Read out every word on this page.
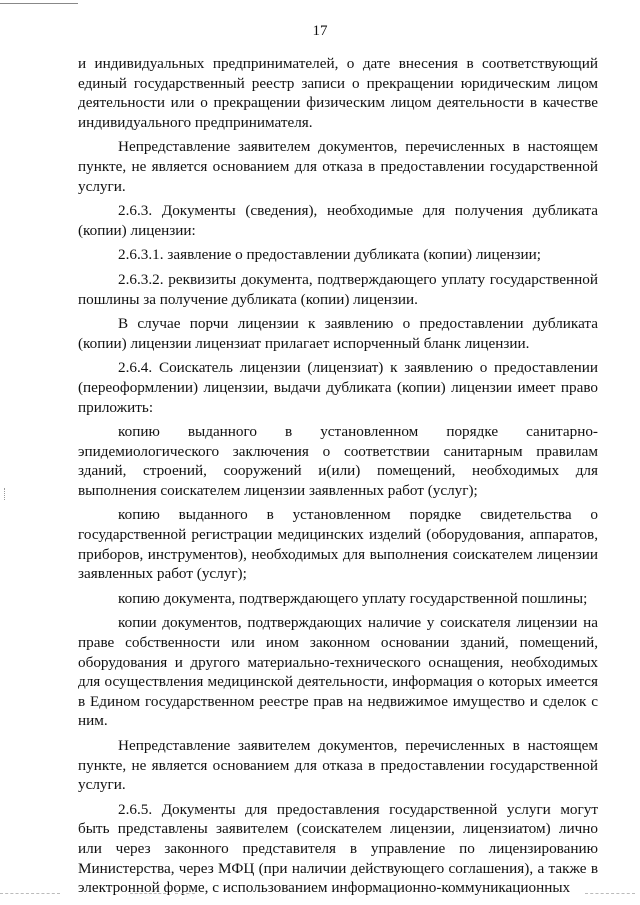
17

и индивидуальных предпринимателей, о дате внесения в соответствующий единый государственный реестр записи о прекращении юридическим лицом деятельности или о прекращении физическим лицом деятельности в качестве индивидуального предпринимателя.

Непредставление заявителем документов, перечисленных в настоящем пункте, не является основанием для отказа в предоставлении государственной услуги.

2.6.3. Документы (сведения), необходимые для получения дубликата (копии) лицензии:

2.6.3.1. заявление о предоставлении дубликата (копии) лицензии;

2.6.3.2. реквизиты документа, подтверждающего уплату государственной пошлины за получение дубликата (копии) лицензии.

В случае порчи лицензии к заявлению о предоставлении дубликата (копии) лицензии лицензиат прилагает испорченный бланк лицензии.

2.6.4. Соискатель лицензии (лицензиат) к заявлению о предоставлении (переоформлении) лицензии, выдачи дубликата (копии) лицензии имеет право приложить:

копию выданного в установленном порядке санитарно-эпидемиологического заключения о соответствии санитарным правилам зданий, строений, сооружений и(или) помещений, необходимых для выполнения соискателем лицензии заявленных работ (услуг);

копию выданного в установленном порядке свидетельства о государственной регистрации медицинских изделий (оборудования, аппаратов, приборов, инструментов), необходимых для выполнения соискателем лицензии заявленных работ (услуг);

копию документа, подтверждающего уплату государственной пошлины;

копии документов, подтверждающих наличие у соискателя лицензии на праве собственности или ином законном основании зданий, помещений, оборудования и другого материально-технического оснащения, необходимых для осуществления медицинской деятельности, информация о которых имеется в Едином государственном реестре прав на недвижимое имущество и сделок с ним.

Непредставление заявителем документов, перечисленных в настоящем пункте, не является основанием для отказа в предоставлении государственной услуги.

2.6.5. Документы для предоставления государственной услуги могут быть представлены заявителем (соискателем лицензии, лицензиатом) лично или через законного представителя в управление по лицензированию Министерства, через МФЦ (при наличии действующего соглашения), а также в электронной форме, с использованием информационно-коммуникационных
